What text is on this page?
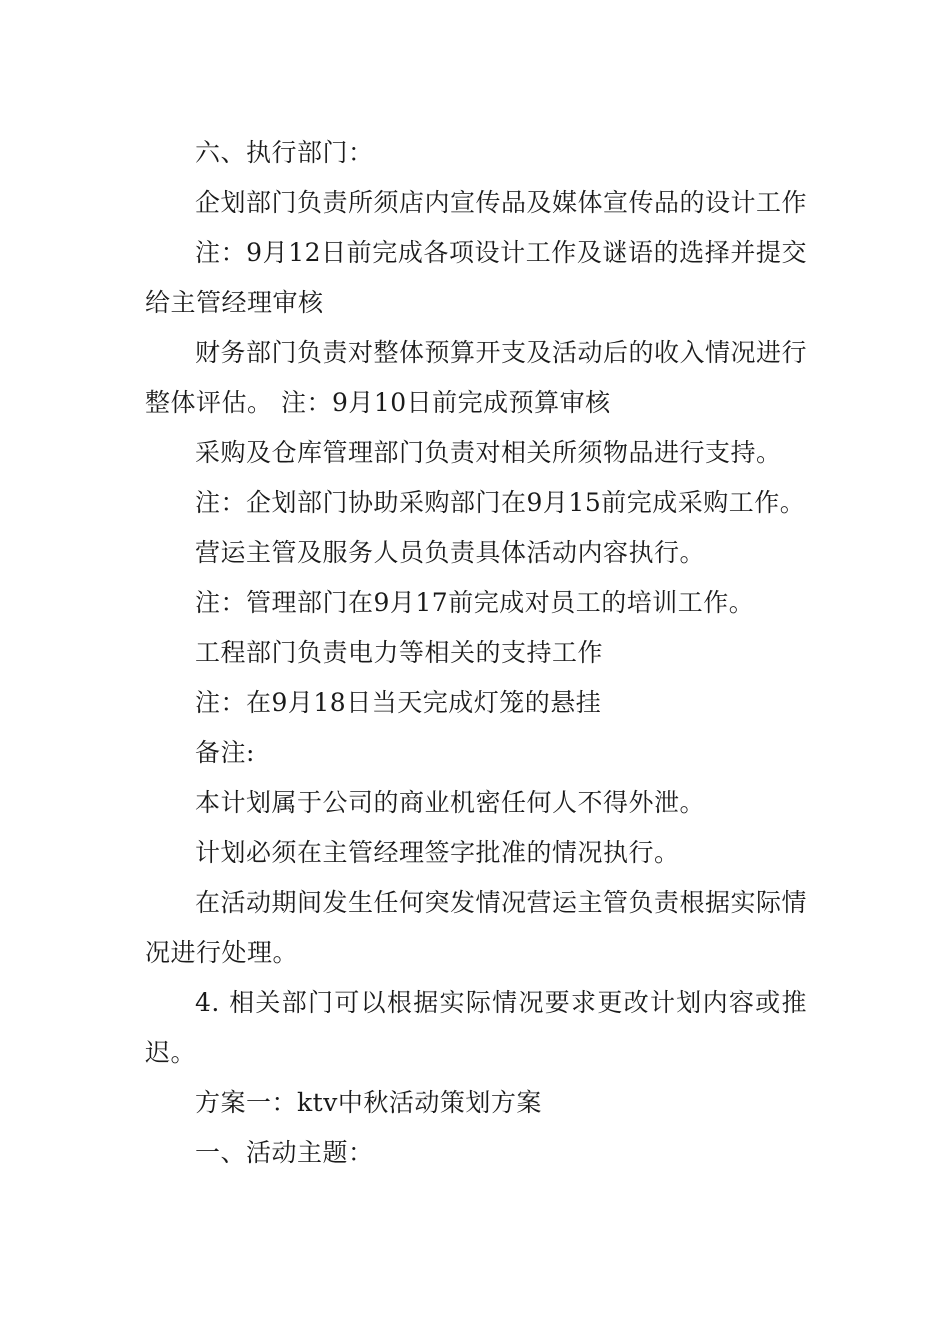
六、执行部门：

企划部门负责所须店内宣传品及媒体宣传品的设计工作

注：9月12日前完成各项设计工作及谜语的选择并提交给主管经理审核

财务部门负责对整体预算开支及活动后的收入情况进行整体评估。 注：9月10日前完成预算审核

采购及仓库管理部门负责对相关所须物品进行支持。

注：企划部门协助采购部门在9月15前完成采购工作。

营运主管及服务人员负责具体活动内容执行。

注：管理部门在9月17前完成对员工的培训工作。

工程部门负责电力等相关的支持工作

注：在9月18日当天完成灯笼的悬挂

备注:

本计划属于公司的商业机密任何人不得外泄。

计划必须在主管经理签字批准的情况执行。

在活动期间发生任何突发情况营运主管负责根据实际情况进行处理。

4. 相关部门可以根据实际情况要求更改计划内容或推迟。

方案一：ktv中秋活动策划方案

一、活动主题：
